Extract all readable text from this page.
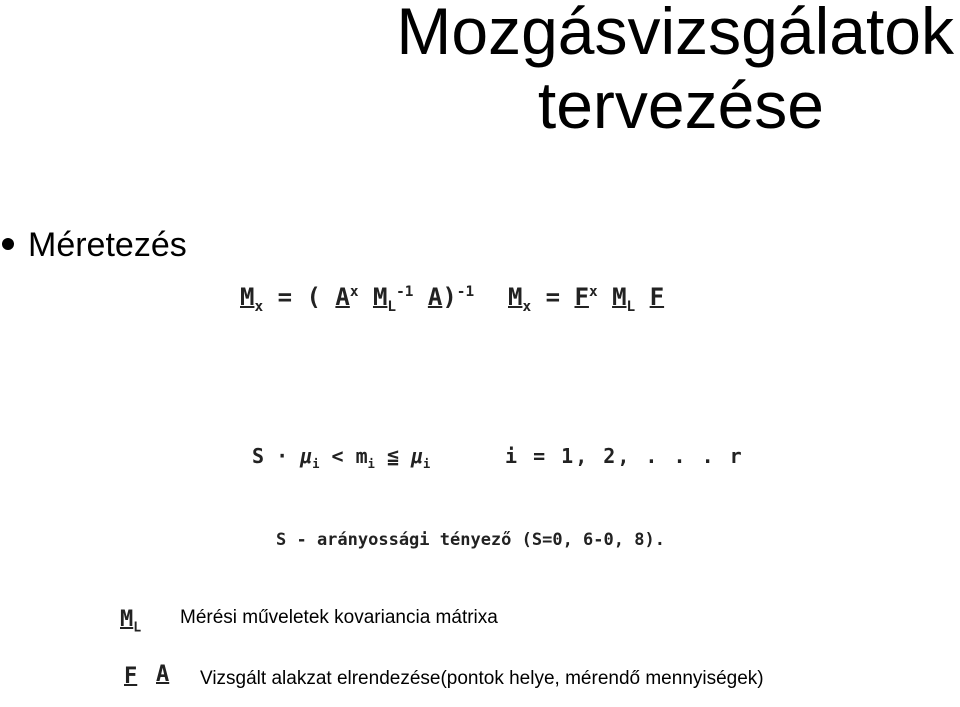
Mozgásvizsgálatok
tervezése
Méretezés
$M_x$ = ( $A^x$ $M_L^{-1}$ A)$^{-1}$ $M_x = F^x$ $M_L$ F
$S \cdot \mu_i < m_i$ ≦ $\mu_i$	i = 1, 2, . . . r
S - arányossági tényező (S=0, 6-0, 8).
$M_L$ Mérési műveletek kovariancia mátrixa
F A Vizsgált alakzat elrendezése(pontok helye, mérendő mennyiségek)
